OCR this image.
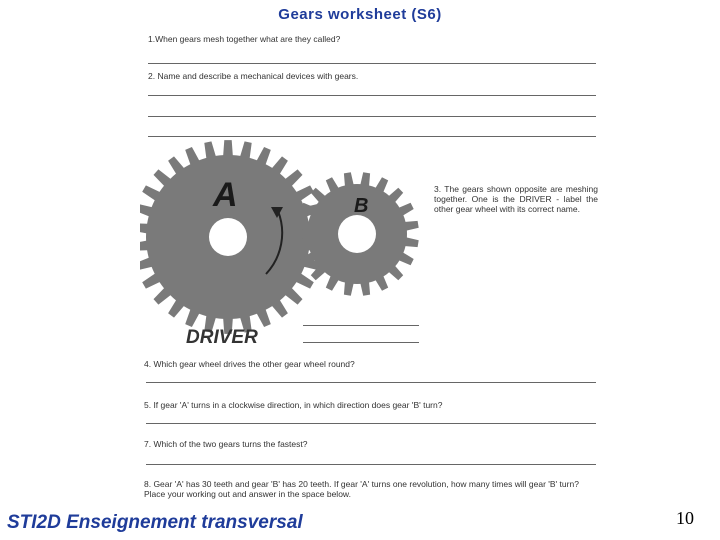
Gears worksheet (S6)
1.When gears mesh together what are they called?
2. Name and describe a mechanical devices with gears.
A	B
DRIVER
3. The gears shown opposite are meshing together. One is the DRIVER - label the other gear wheel with its correct name.
4. Which gear wheel drives the other gear wheel round?
5. If gear 'A' turns in a clockwise direction, in which direction does gear 'B' turn?
7. Which of the two gears turns the fastest?
8. Gear 'A' has 30 teeth and gear 'B' has 20 teeth. If gear 'A' turns one revolution, how many times will gear 'B' turn? Place your working out and answer in the space below.
STI2D Enseignement transversal	10
